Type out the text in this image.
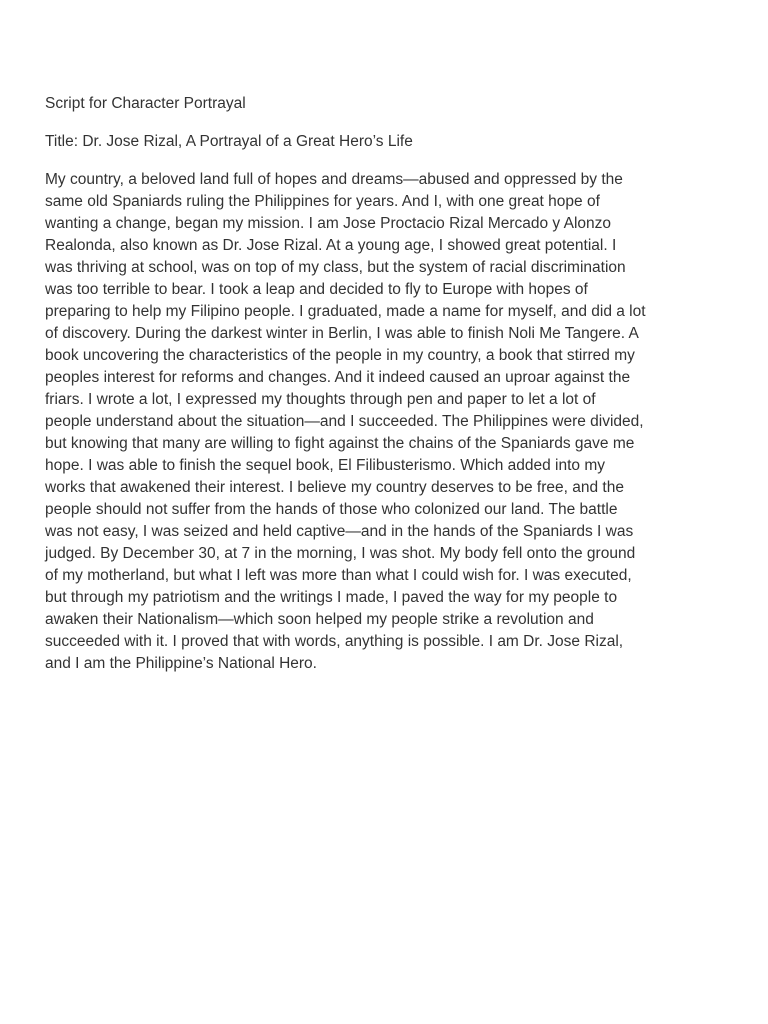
Script for Character Portrayal

Title: Dr. Jose Rizal, A Portrayal of a Great Hero’s Life

My country, a beloved land full of hopes and dreams—abused and oppressed by the
same old Spaniards ruling the Philippines for years. And I, with one great hope of
wanting a change, began my mission. I am Jose Proctacio Rizal Mercado y Alonzo
Realonda, also known as Dr. Jose Rizal. At a young age, I showed great potential. I
was thriving at school, was on top of my class, but the system of racial discrimination
was too terrible to bear. I took a leap and decided to fly to Europe with hopes of
preparing to help my Filipino people. I graduated, made a name for myself, and did a lot
of discovery. During the darkest winter in Berlin, I was able to finish Noli Me Tangere. A
book uncovering the characteristics of the people in my country, a book that stirred my
peoples interest for reforms and changes. And it indeed caused an uproar against the
friars. I wrote a lot, I expressed my thoughts through pen and paper to let a lot of
people understand about the situation—and I succeeded. The Philippines were divided,
but knowing that many are willing to fight against the chains of the Spaniards gave me
hope. I was able to finish the sequel book, El Filibusterismo. Which added into my
works that awakened their interest. I believe my country deserves to be free, and the
people should not suffer from the hands of those who colonized our land. The battle
was not easy, I was seized and held captive—and in the hands of the Spaniards I was
judged. By December 30, at 7 in the morning, I was shot. My body fell onto the ground
of my motherland, but what I left was more than what I could wish for. I was executed,
but through my patriotism and the writings I made, I paved the way for my people to
awaken their Nationalism—which soon helped my people strike a revolution and
succeeded with it. I proved that with words, anything is possible. I am Dr. Jose Rizal,
and I am the Philippine’s National Hero.
